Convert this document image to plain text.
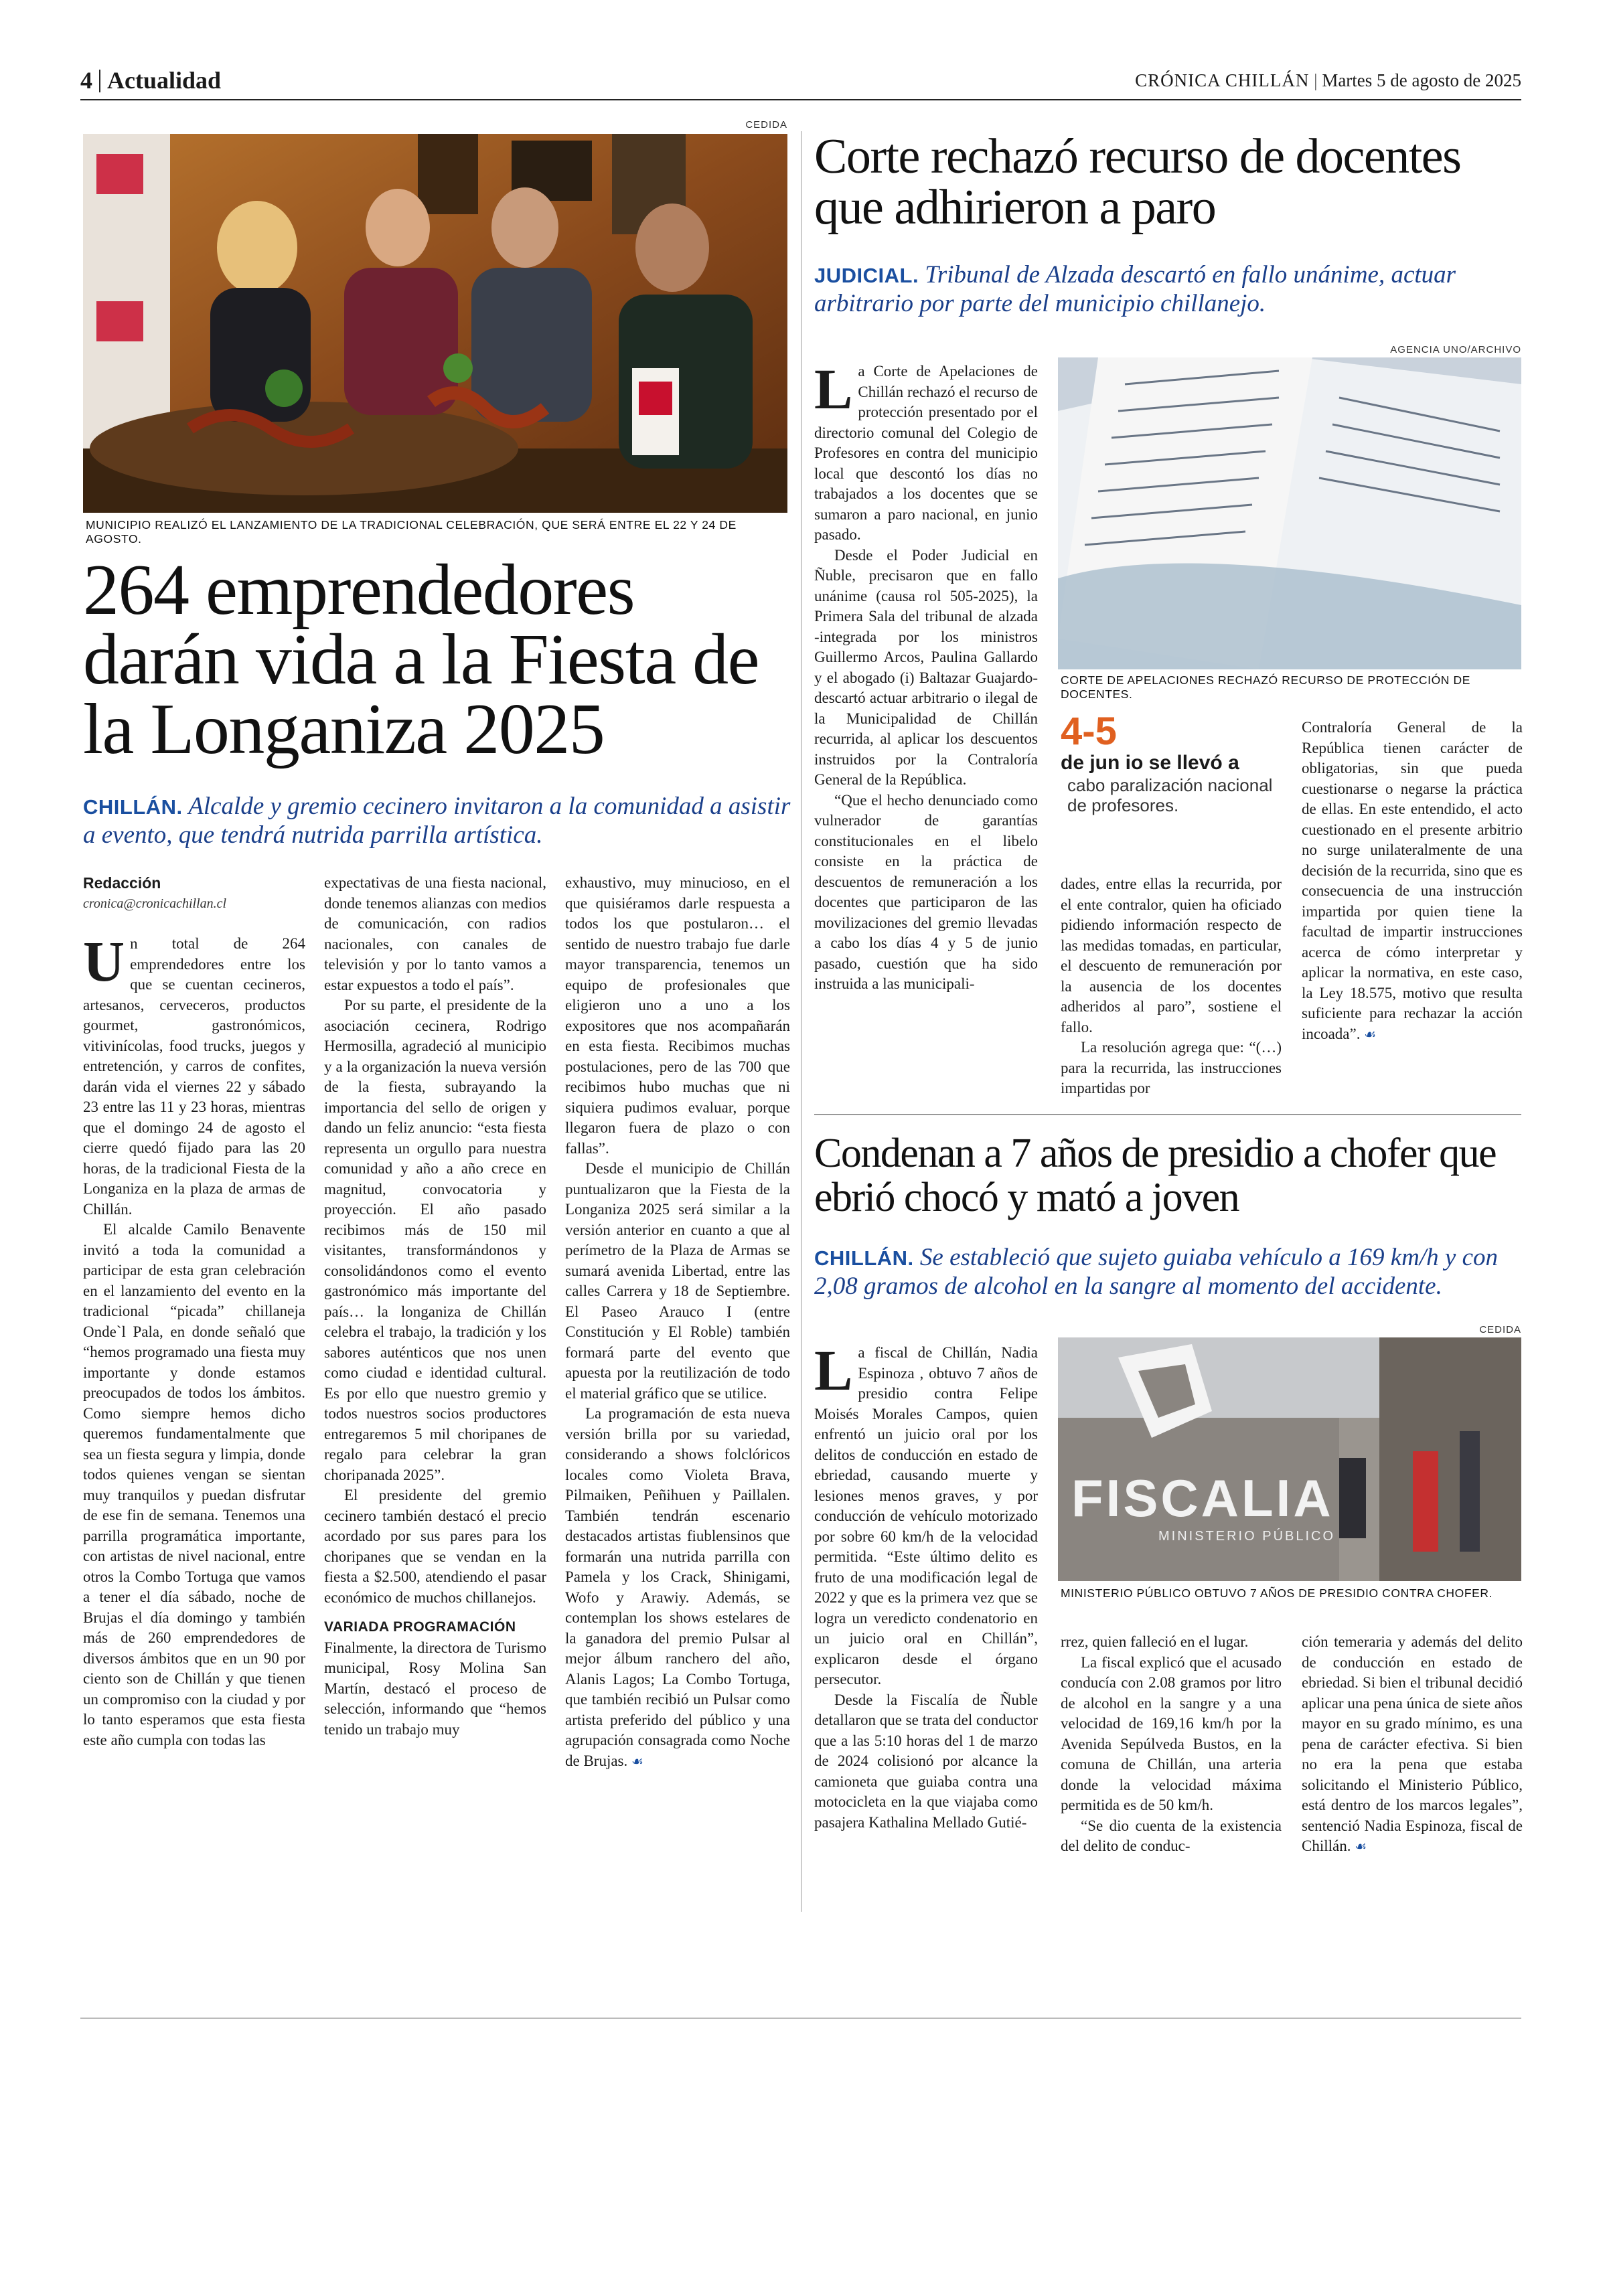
4 Actualidad	CRÓNICA CHILLÁN | Martes 5 de agosto de 2025
CEDIDA
MUNICIPIO REALIZÓ EL LANZAMIENTO DE LA TRADICIONAL CELEBRACIÓN, QUE SERÁ ENTRE EL 22 Y 24 DE AGOSTO.
264 emprendedores darán vida a la Fiesta de la Longaniza 2025
CHILLÁN. Alcalde y gremio cecinero invitaron a la comunidad a asistir a evento, que tendrá nutrida parrilla artística.
Redacción
cronica@cronicachillan.cl

Un total de 264 emprendedores entre los que se cuentan cecineros, artesanos, cerveceros, productos gourmet, gastronómicos, vitivinícolas, food trucks, juegos y entretención, y carros de confites, darán vida el viernes 22 y sábado 23 entre las 11 y 23 horas, mientras que el domingo 24 de agosto el cierre quedó fijado para las 20 horas, de la tradicional Fiesta de la Longaniza en la plaza de armas de Chillán.

El alcalde Camilo Benavente invitó a toda la comunidad a participar de esta gran celebración en el lanzamiento del evento en la tradicional “picada” chillaneja Onde`l Pala, en donde señaló que “hemos programado una fiesta muy importante y donde estamos preocupados de todos los ámbitos. Como siempre hemos dicho queremos fundamentalmente que sea un fiesta segura y limpia, donde todos quienes vengan se sientan muy tranquilos y puedan disfrutar de ese fin de semana. Tenemos una parrilla programática importante, con artistas de nivel nacional, entre otros la Combo Tortuga que vamos a tener el día sábado, noche de Brujas el día domingo y también más de 260 emprendedores de diversos ámbitos que en un 90 por ciento son de Chillán y que tienen un compromiso con la ciudad y por lo tanto esperamos que esta fiesta este año cumpla con todas las

expectativas de una fiesta nacional, donde tenemos alianzas con medios de comunicación, con radios nacionales, con canales de televisión y por lo tanto vamos a estar expuestos a todo el país”.

Por su parte, el presidente de la asociación cecinera, Rodrigo Hermosilla, agradeció al municipio y a la organización la nueva versión de la fiesta, subrayando la importancia del sello de origen y dando un feliz anuncio: “esta fiesta representa un orgullo para nuestra comunidad y año a año crece en magnitud, convocatoria y proyección. El año pasado recibimos más de 150 mil visitantes, transformándonos y consolidándonos como el evento gastronómico más importante del país… la longaniza de Chillán celebra el trabajo, la tradición y los sabores auténticos que nos unen como ciudad e identidad cultural. Es por ello que nuestro gremio y todos nuestros socios productores entregaremos 5 mil choripanes de regalo para celebrar la gran choripanada 2025”.

El presidente del gremio cecinero también destacó el precio acordado por sus pares para los choripanes que se vendan en la fiesta a $2.500, atendiendo el pasar económico de muchos chillanejos.

VARIADA PROGRAMACIÓN

Finalmente, la directora de Turismo municipal, Rosy Molina San Martín, destacó el proceso de selección, informando que “hemos tenido un trabajo muy

exhaustivo, muy minucioso, en el que quisiéramos darle respuesta a todos los que postularon… el sentido de nuestro trabajo fue darle mayor transparencia, tenemos un equipo de profesionales que eligieron uno a uno a los expositores que nos acompañarán en esta fiesta. Recibimos muchas postulaciones, pero de las 700 que recibimos hubo muchas que ni siquiera pudimos evaluar, porque llegaron fuera de plazo o con fallas”.

Desde el municipio de Chillán puntualizaron que la Fiesta de la Longaniza 2025 será similar a la versión anterior en cuanto a que al perímetro de la Plaza de Armas se sumará avenida Libertad, entre las calles Carrera y 18 de Septiembre. El Paseo Arauco I (entre Constitución y El Roble) también formará parte del evento que apuesta por la reutilización de todo el material gráfico que se utilice.

La programación de esta nueva versión brilla por su variedad, considerando a shows folclóricos locales como Violeta Brava, Pilmaiken, Peñihuen y Paillalen. También tendrán escenario destacados artistas fiublensinos que formarán una nutrida parrilla con Pamela y los Crack, Shinigami, Wofo y Arawiy. Además, se contemplan los shows estelares de la ganadora del premio Pulsar al mejor álbum ranchero del año, Alanis Lagos; La Combo Tortuga, que también recibió un Pulsar como artista preferido del público y una agrupación consagrada como Noche de Brujas. ☙

Corte rechazó recurso de docentes que adhirieron a paro
JUDICIAL. Tribunal de Alzada descartó en fallo unánime, actuar arbitrario por parte del municipio chillanejo.
AGENCIA UNO/ARCHIVO
CORTE DE APELACIONES RECHAZÓ RECURSO DE PROTECCIÓN DE DOCENTES.

La Corte de Apelaciones de Chillán rechazó el recurso de protección presentado por el directorio comunal del Colegio de Profesores en contra del municipio local que descontó los días no trabajados a los docentes que se sumaron a paro nacional, en junio pasado.

Desde el Poder Judicial en Ñuble, precisaron que en fallo unánime (causa rol 505-2025), la Primera Sala del tribunal de alzada -integrada por los ministros Guillermo Arcos, Paulina Gallardo y el abogado (i) Baltazar Guajardo- descartó actuar arbitrario o ilegal de la Municipalidad de Chillán recurrida, al aplicar los descuentos instruidos por la Contraloría General de la República.

“Que el hecho denunciado como vulnerador de garantías constitucionales en el libelo consiste en la práctica de descuentos de remuneración a los docentes que participaron de las movilizaciones del gremio llevadas a cabo los días 4 y 5 de junio pasado, cuestión que ha sido instruida a las municipali-

4-5
de jun io se llevó a
cabo paralización nacional de profesores.

dades, entre ellas la recurrida, por el ente contralor, quien ha oficiado pidiendo información respecto de las medidas tomadas, en particular, el descuento de remuneración por la ausencia de los docentes adheridos al paro”, sostiene el fallo.

La resolución agrega que: “(…) para la recurrida, las instrucciones impartidas por

Contraloría General de la República tienen carácter de obligatorias, sin que pueda cuestionarse o negarse la práctica de ellas. En este entendido, el acto cuestionado en el presente arbitrio no surge unilateralmente de una decisión de la recurrida, sino que es consecuencia de una instrucción impartida por quien tiene la facultad de impartir instrucciones acerca de cómo interpretar y aplicar la normativa, en este caso, la Ley 18.575, motivo que resulta suficiente para rechazar la acción incoada”. ☙

Condenan a 7 años de presidio a chofer que ebrió chocó y mató a joven
CHILLÁN. Se estableció que sujeto guiaba vehículo a 169 km/h y con 2,08 gramos de alcohol en la sangre al momento del accidente.
CEDIDA
FISCALIA
MINISTERIO PÚBLICO
MINISTERIO PÚBLICO OBTUVO 7 AÑOS DE PRESIDIO CONTRA CHOFER.

La fiscal de Chillán, Nadia Espinoza , obtuvo 7 años de presidio contra Felipe Moisés Morales Campos, quien enfrentó un juicio oral por los delitos de conducción en estado de ebriedad, causando muerte y lesiones menos graves, y por conducción de vehículo motorizado por sobre 60 km/h de la velocidad permitida. “Este último delito es fruto de una modificación legal de 2022 y que es la primera vez que se logra un veredicto condenatorio en un juicio oral en Chillán”, explicaron desde el órgano persecutor.

Desde la Fiscalía de Ñuble detallaron que se trata del conductor que a las 5:10 horas del 1 de marzo de 2024 colisionó por alcance la camioneta que guiaba contra una motocicleta en la que viajaba como pasajera Kathalina Mellado Gutié-

rrez, quien falleció en el lugar.

La fiscal explicó que el acusado conducía con 2.08 gramos por litro de alcohol en la sangre y a una velocidad de 169,16 km/h por la Avenida Sepúlveda Bustos, en la comuna de Chillán, una arteria donde la velocidad máxima permitida es de 50 km/h.

“Se dio cuenta de la existencia del delito de conduc-

ción temeraria y además del delito de conducción en estado de ebriedad. Si bien el tribunal decidió aplicar una pena única de siete años mayor en su grado mínimo, es una pena de carácter efectiva. Si bien no era la pena que estaba solicitando el Ministerio Público, está dentro de los marcos legales”, sentenció Nadia Espinoza, fiscal de Chillán. ☙
